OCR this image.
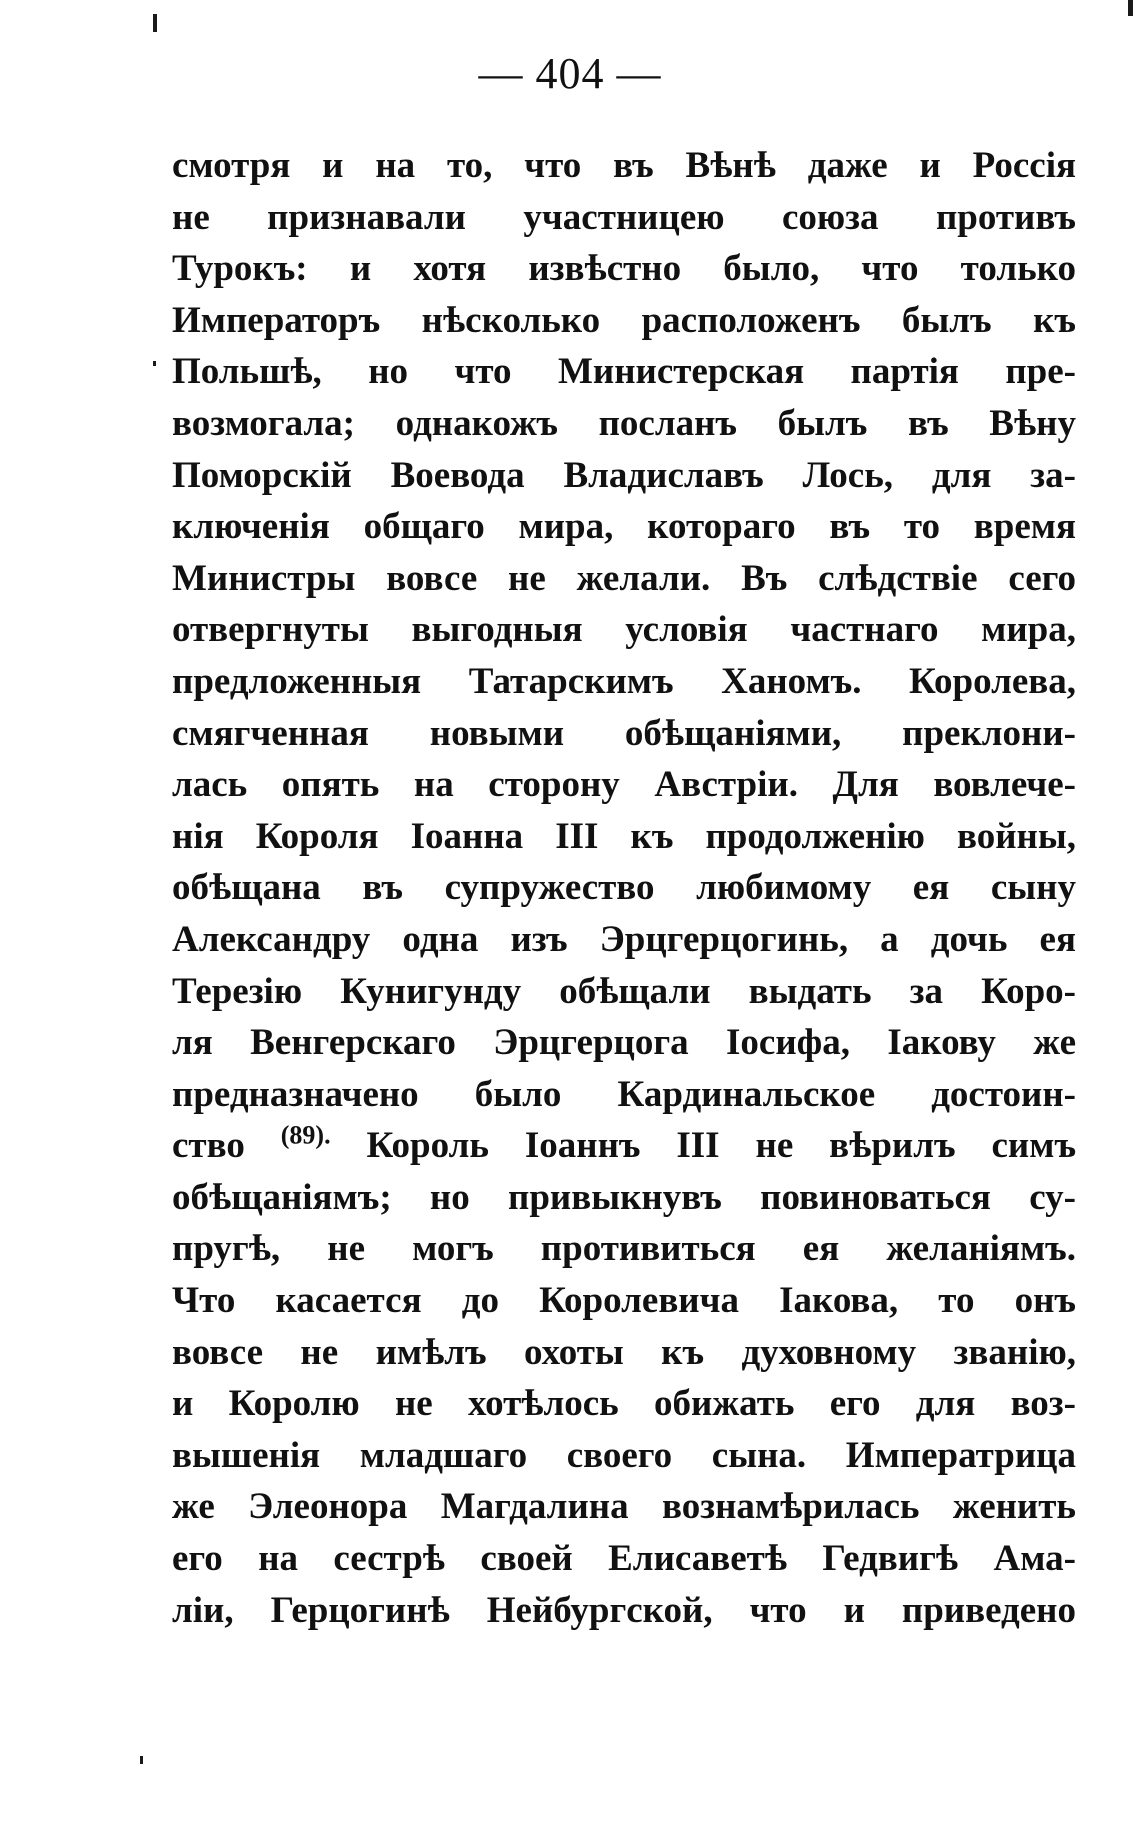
— 404 —
смотря и на то, что въ Вѣнѣ даже и Россія
не признавали участницею союза противъ
Турокъ: и хотя извѣстно было, что только
Императоръ нѣсколько расположенъ былъ къ
Польшѣ, но что Министерская партія пре-
возмогала; однакожъ посланъ былъ въ Вѣну
Поморскій Воевода Владиславъ Лось, для за-
ключенія общаго мира, котораго въ то время
Министры вовсе не желали. Въ слѣдствіе сего
отвергнуты выгодныя условія частнаго мира,
предложенныя Татарскимъ Ханомъ. Королева,
смягченная новыми обѣщаніями, преклони-
лась опять на сторону Австріи. Для вовлече-
нія Короля Іоанна III къ продолженію войны,
обѣщана въ супружество любимому ея сыну
Александру одна изъ Эрцгерцогинь, а дочь ея
Терезію Кунигунду обѣщали выдать за Коро-
ля Венгерскаго Эрцгерцога Іосифа, Іакову же
предназначено было Кардинальское достоин-
ство $^{(89).}$ Король Іоаннъ III не вѣрилъ симъ
обѣщаніямъ; но привыкнувъ повиноваться су-
пругѣ, не могъ противиться ея желаніямъ.
Что касается до Королевича Іакова, то онъ
вовсе не имѣлъ охоты къ духовному званію,
и Королю не хотѣлось обижать его для воз-
вышенія младшаго своего сына. Императрица
же Элеонора Магдалина вознамѣрилась женить
его на сестрѣ своей Елисаветѣ Гедвигѣ Ама-
ліи, Герцогинѣ Нейбургской, что и приведено
